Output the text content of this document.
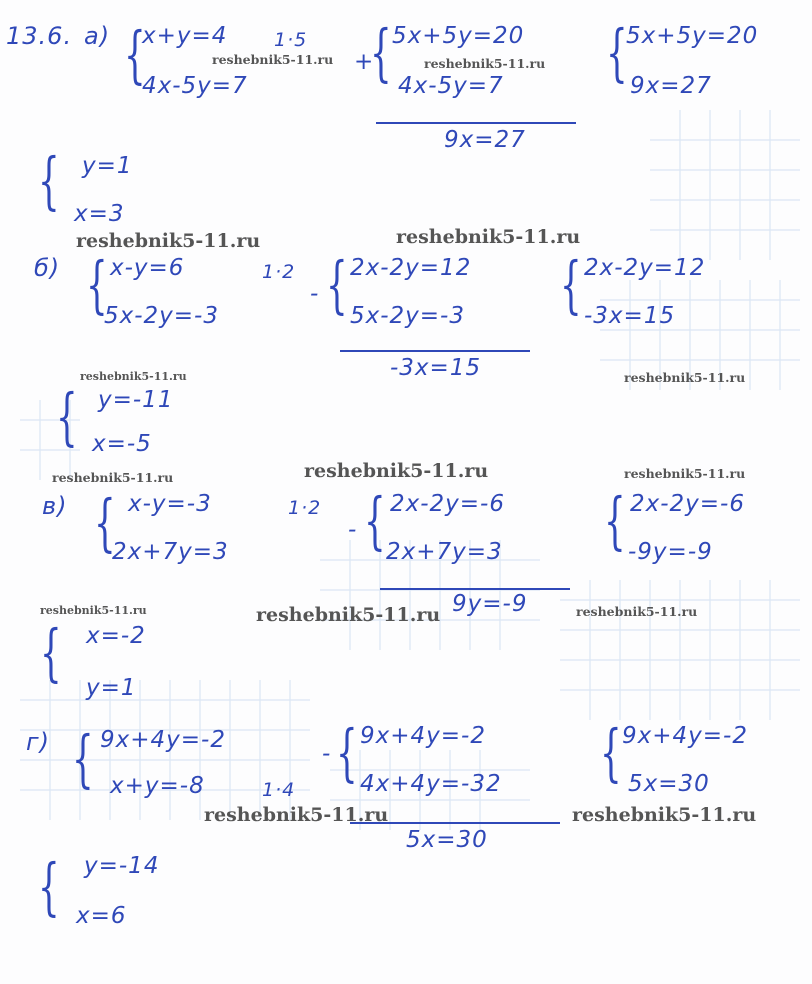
13.6. а) {
x+y=4 1·5
4x-5y=7
+
{ 5x+5y=20
4x-5y=7
9x=27
{
5x+5y=20
9x=27
{ y=1
x=3
б) { x-y=6	1·2
5x-2y=-3
- { 2x-2y=12
5x-2y=-3
-3x=15
{ 2x-2y=12
-3x=15
{ y=-11
x=-5
в) { x-y=-3	1·2
2x+7y=3
- { 2x-2y=-6
2x+7y=3
9y=-9
{ 2x-2y=-6
-9y=-9
{ x=-2
y=1
г) { 9x+4y=-2
x+y=-8	1·4
- { 9x+4y=-2
4x+4y=-32
5x=30
{ 9x+4y=-2
5x=30
{ y=-14
x=6
reshebnik5-11.ru	reshebnik5-11.ru
reshebnik5-11.ru	reshebnik5-11.ru
reshebnik5-11.ru	reshebnik5-11.ru
reshebnik5-11.ru	reshebnik5-11.ru	reshebnik5-11.ru
reshebnik5-11.ru	reshebnik5-11.ru	reshebnik5-11.ru
reshebnik5-11.ru	reshebnik5-11.ru
